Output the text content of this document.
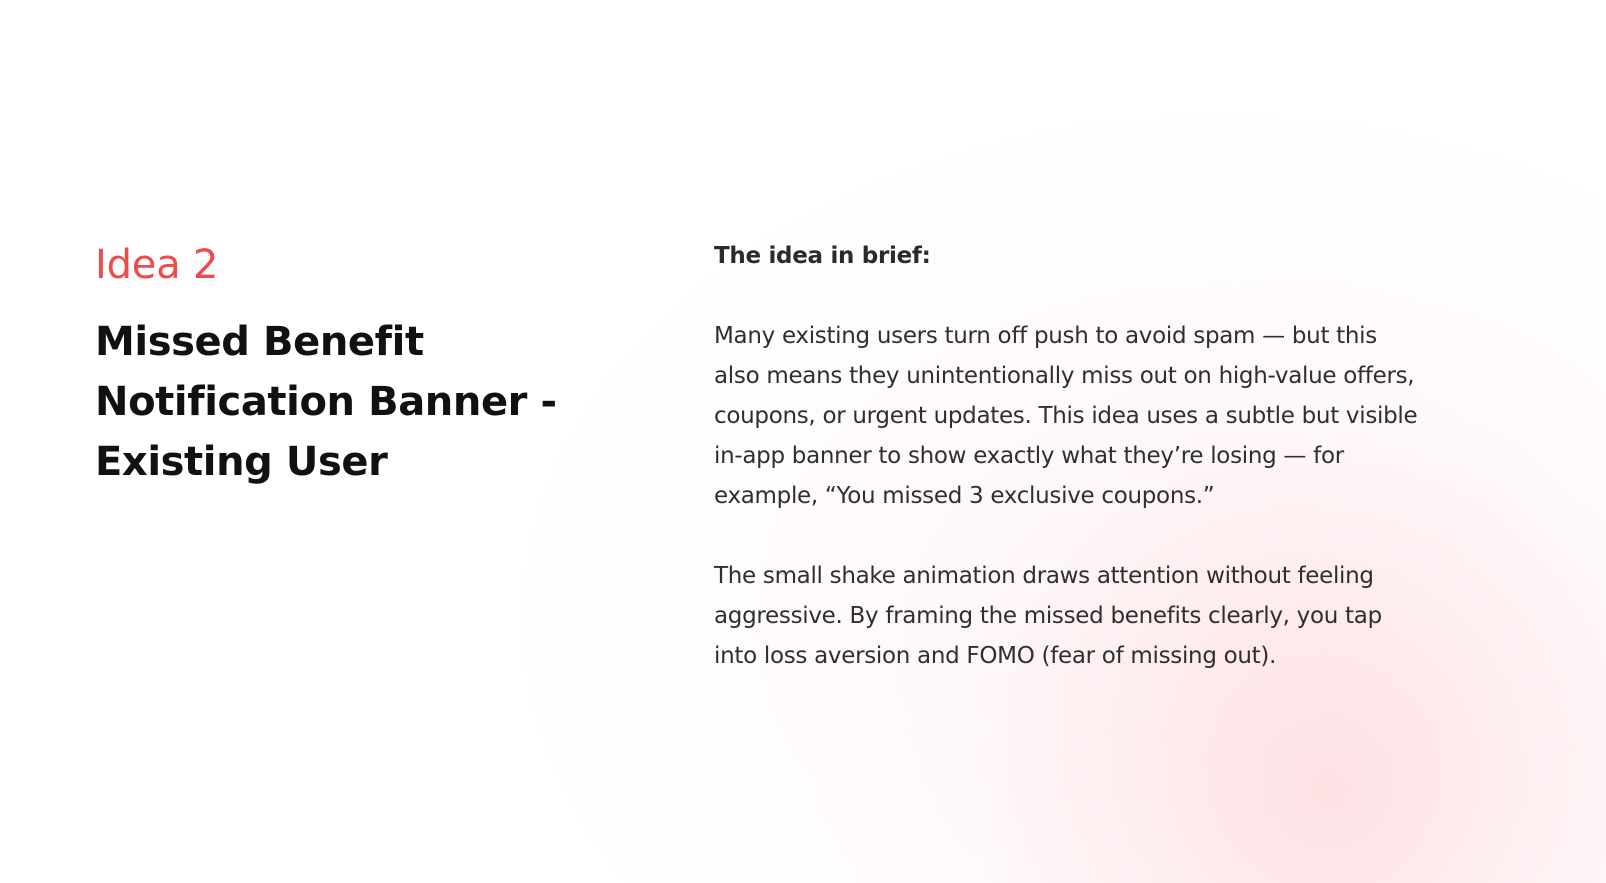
Idea 2

Missed Benefit Notification Banner - Existing User

The idea in brief:

Many existing users turn off push to avoid spam — but this also means they unintentionally miss out on high-value offers, coupons, or urgent updates. This idea uses a subtle but visible in-app banner to show exactly what they’re losing — for example, “You missed 3 exclusive coupons.”

The small shake animation draws attention without feeling aggressive. By framing the missed benefits clearly, you tap into loss aversion and FOMO (fear of missing out).
